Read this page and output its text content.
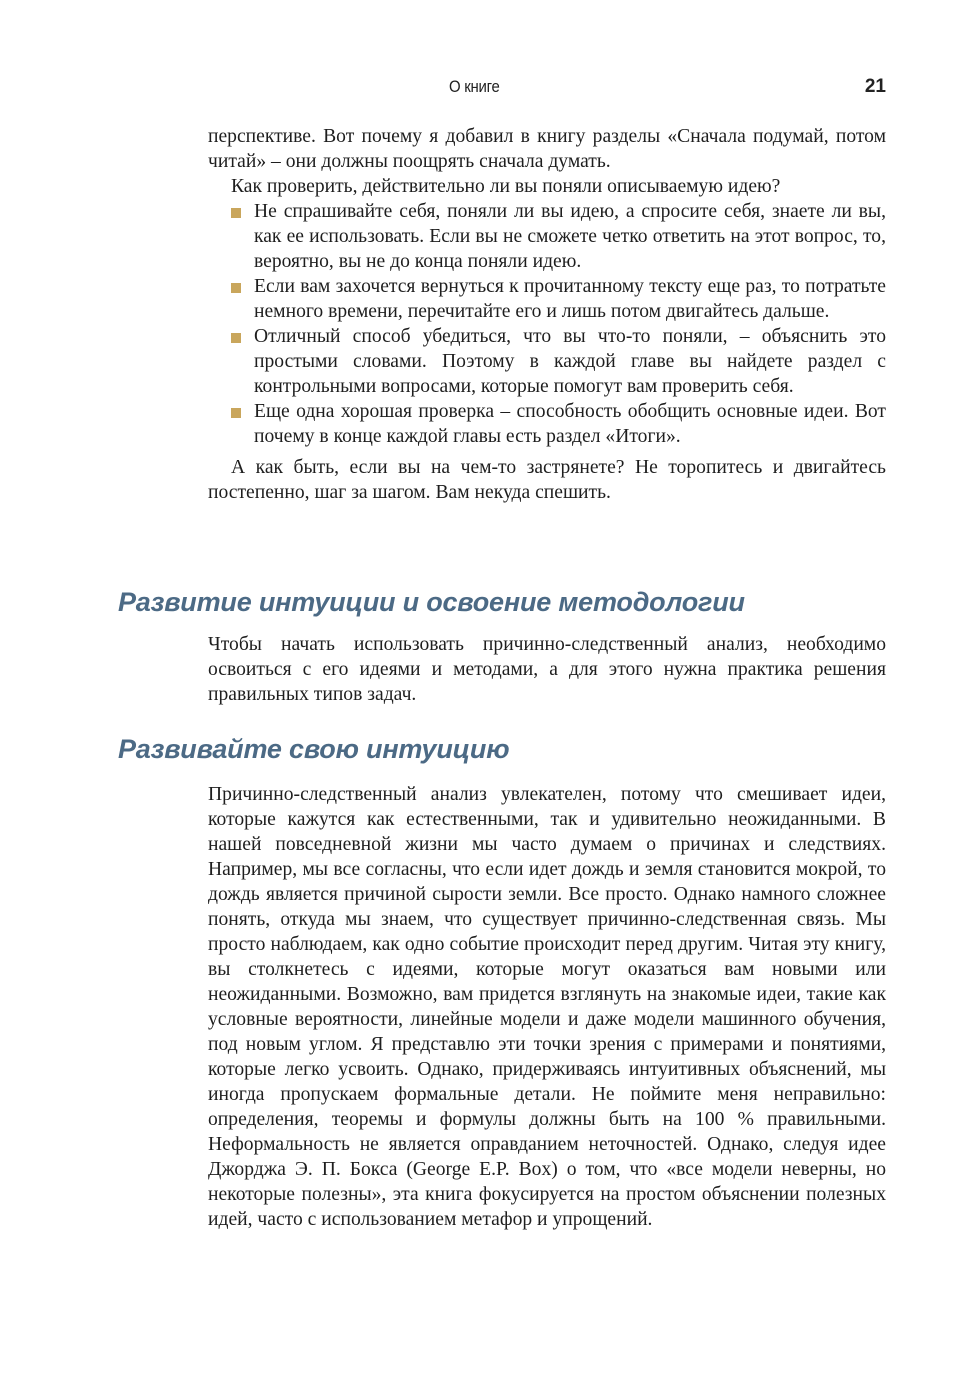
О книге	21

перспективе. Вот почему я добавил в книгу разделы «Сначала подумай, потом читай» – они должны поощрять сначала думать.

Как проверить, действительно ли вы поняли описываемую идею?

Не спрашивайте себя, поняли ли вы идею, а спросите себя, знаете ли вы, как ее использовать. Если вы не сможете четко ответить на этот вопрос, то, вероятно, вы не до конца поняли идею.
Если вам захочется вернуться к прочитанному тексту еще раз, то потратьте немного времени, перечитайте его и лишь потом двигайтесь дальше.
Отличный способ убедиться, что вы что-то поняли, – объяснить это простыми словами. Поэтому в каждой главе вы найдете раздел с контрольными вопросами, которые помогут вам проверить себя.
Еще одна хорошая проверка – способность обобщить основные идеи. Вот почему в конце каждой главы есть раздел «Итоги».

А как быть, если вы на чем-то застрянете? Не торопитесь и двигайтесь постепенно, шаг за шагом. Вам некуда спешить.

Развитие интуиции и освоение методологии

Чтобы начать использовать причинно-следственный анализ, необходимо освоиться с его идеями и методами, а для этого нужна практика решения правильных типов задач.

Развивайте свою интуицию

Причинно-следственный анализ увлекателен, потому что смешивает идеи, которые кажутся как естественными, так и удивительно неожиданными. В нашей повседневной жизни мы часто думаем о причинах и следствиях. Например, мы все согласны, что если идет дождь и земля становится мокрой, то дождь является причиной сырости земли. Все просто. Однако намного сложнее понять, откуда мы знаем, что существует причинно-следственная связь. Мы просто наблюдаем, как одно событие происходит перед другим. Читая эту книгу, вы столкнетесь с идеями, которые могут оказаться вам новыми или неожиданными. Возможно, вам придется взглянуть на знакомые идеи, такие как условные вероятности, линейные модели и даже модели машинного обучения, под новым углом. Я представлю эти точки зрения с примерами и понятиями, которые легко усвоить. Однако, придерживаясь интуитивных объяснений, мы иногда пропускаем формальные детали. Не поймите меня неправильно: определения, теоремы и формулы должны быть на 100 % правильными. Неформальность не является оправданием неточностей. Однако, следуя идее Джорджа Э. П. Бокса (George E.P. Box) о том, что «все модели неверны, но некоторые полезны», эта книга фокусируется на простом объяснении полезных идей, часто с использованием метафор и упрощений.
